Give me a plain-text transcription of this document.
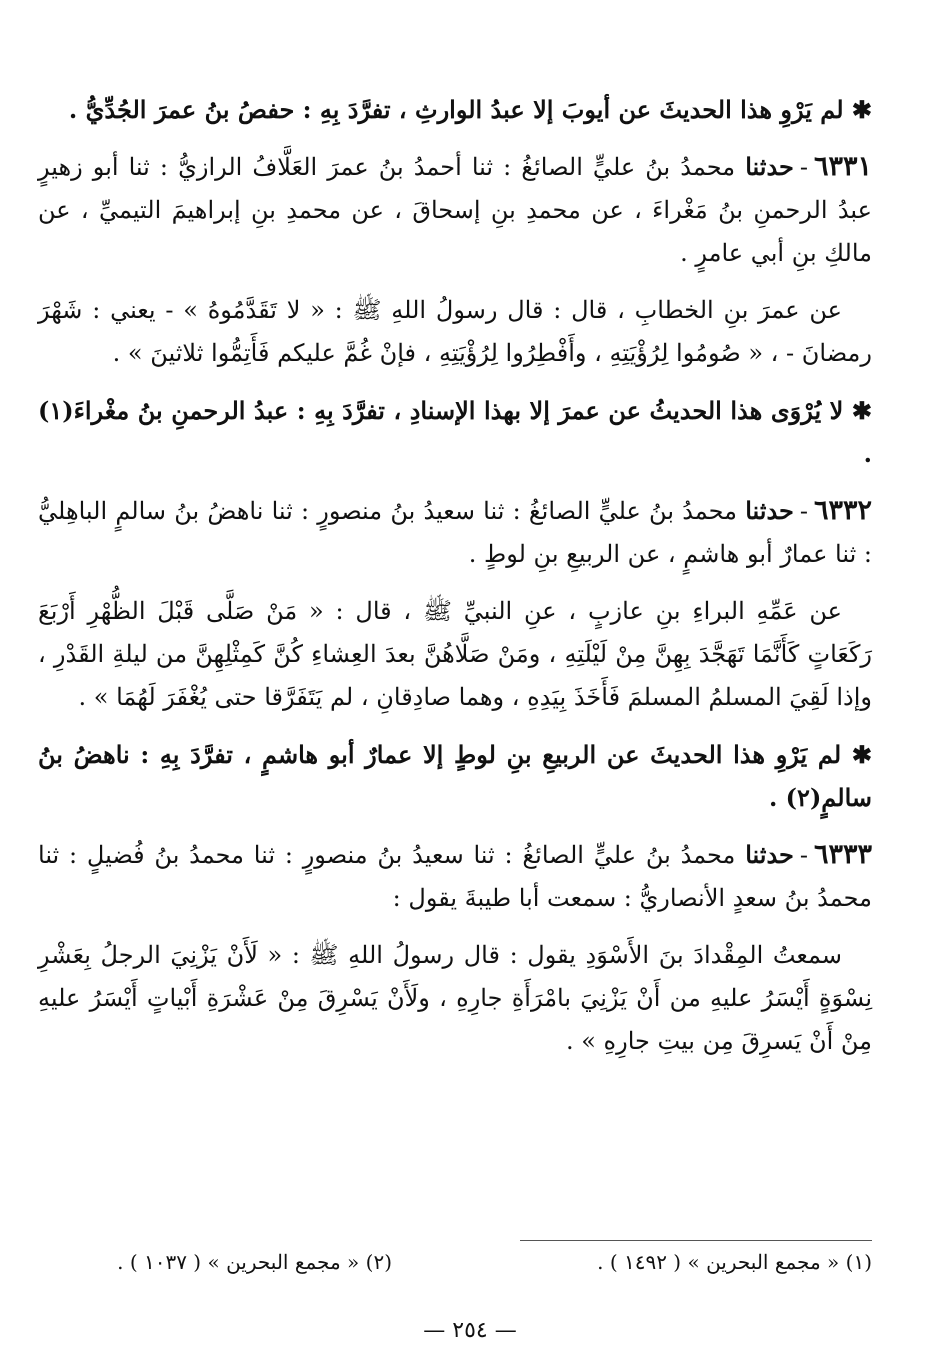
✱ لم يَرْوِ هذا الحديثَ عن أيوبَ إلا عبدُ الوارثِ ، تفرَّدَ بِهِ : حفصُ بنُ عمرَ الجُدِّيُّ .

٦٣٣١-حدثنا محمدُ بنُ عليٍّ الصائغُ : ثنا أحمدُ بنُ عمرَ العَلَّافُ الرازيُّ : ثنا أبو زهيرٍ عبدُ الرحمنِ بنُ مَغْراءَ ، عن محمدِ بنِ إسحاقَ ، عن محمدِ بنِ إبراهيمَ التيميِّ ، عن مالكِ بنِ أبي عامرٍ .

عن عمرَ بنِ الخطابِ ، قال : قال رسولُ اللهِ ﷺ : « لا تَقَدَّمُوهُ » - يعني : شَهْرَ رمضانَ - ، « صُومُوا لِرُؤْيَتِهِ ، وأَفْطِرُوا لِرُؤْيَتِهِ ، فإنْ غُمَّ عليكم فَأَتِمُّوا ثلاثينَ » .

✱ لا يُرْوَى هذا الحديثُ عن عمرَ إلا بهذا الإسنادِ ، تفرَّدَ بِهِ : عبدُ الرحمنِ بنُ مغْراءَ(١) .

٦٣٣٢-حدثنا محمدُ بنُ عليٍّ الصائغُ : ثنا سعيدُ بنُ منصورٍ : ثنا ناهضُ بنُ سالمٍ الباهِليُّ : ثنا عمارٌ أبو هاشمٍ ، عن الربيعِ بنِ لوطٍ .

عن عَمِّهِ البراءِ بنِ عازبٍ ، عنِ النبيِّ ﷺ ، قال : « مَنْ صَلَّى قَبْلَ الظُّهْرِ أَرْبَعَ رَكَعَاتٍ كَأَنَّمَا تَهَجَّدَ بِهِنَّ مِنْ لَيْلَتِهِ ، ومَنْ صَلَّاهُنَّ بعدَ العِشاءِ كُنَّ كَمِثْلِهِنَّ من ليلةِ القَدْرِ ، وإذا لَقِيَ المسلمُ المسلمَ فَأَخَذَ بِيَدِهِ ، وهما صادِقانِ ، لم يَتَفَرَّقا حتى يُغْفَرَ لَهُمَا » .

✱ لم يَرْوِ هذا الحديثَ عن الربيعِ بنِ لوطٍ إلا عمارٌ أبو هاشمٍ ، تفرَّدَ بِهِ : ناهضُ بنُ سالمٍ(٢) .

٦٣٣٣-حدثنا محمدُ بنُ عليٍّ الصائغُ : ثنا سعيدُ بنُ منصورٍ : ثنا محمدُ بنُ فُضيلٍ : ثنا محمدُ بنُ سعدٍ الأنصاريُّ : سمعت أبا طيبةَ يقول :

سمعتُ المِقْدادَ بنَ الأَسْوَدِ يقول : قال رسولُ اللهِ ﷺ : « لَأَنْ يَزْنِيَ الرجلُ بِعَشْرِ نِسْوَةٍ أَيْسَرُ عليهِ من أَنْ يَزْنِيَ بامْرَأَةِ جارِهِ ، ولَأَنْ يَسْرِقَ مِنْ عَشْرَةِ أَبْياتٍ أَيْسَرُ عليهِ مِنْ أَنْ يَسرِقَ مِن بيتِ جارِهِ » .

(١) « مجمع البحرين » ( ١٤٩٢ ) .
(٢) « مجمع البحرين » ( ١٠٣٧ ) .
— ٢٥٤ —
